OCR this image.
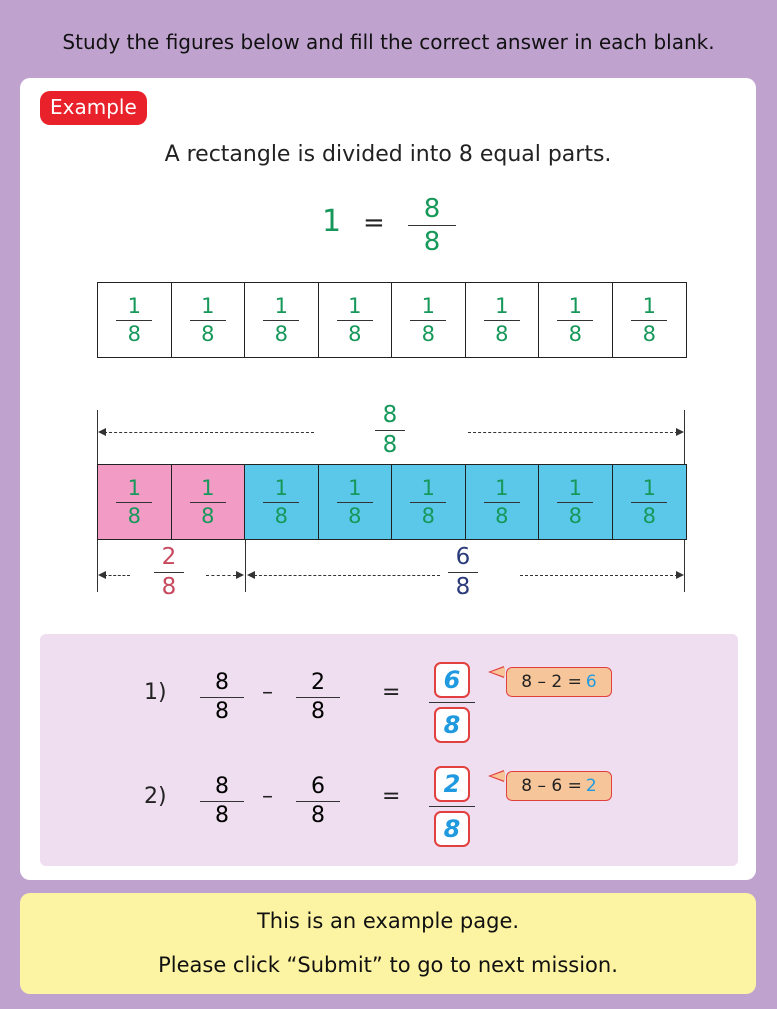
Study the figures below and fill the correct answer in each blank.
Example
A rectangle is divided into 8 equal parts.
1 = 8
8
$\frac{1}{8} \frac{1}{8} \frac{1}{8} \frac{1}{8} \frac{1}{8} \frac{1}{8} \frac{1}{8} \frac{1}{8}$
8
8
$\frac{1}{8} \frac{1}{8} \frac{1}{8} \frac{1}{8} \frac{1}{8} \frac{1}{8} \frac{1}{8} \frac{1}{8}$
2
8
6
8
1) 8
8
– 2
8
=	6
8
8 – 2 = 6
2) 8
8
– 6
8
=	2
8
8 – 6 = 2
This is an example page.
Please click “Submit” to go to next mission.
